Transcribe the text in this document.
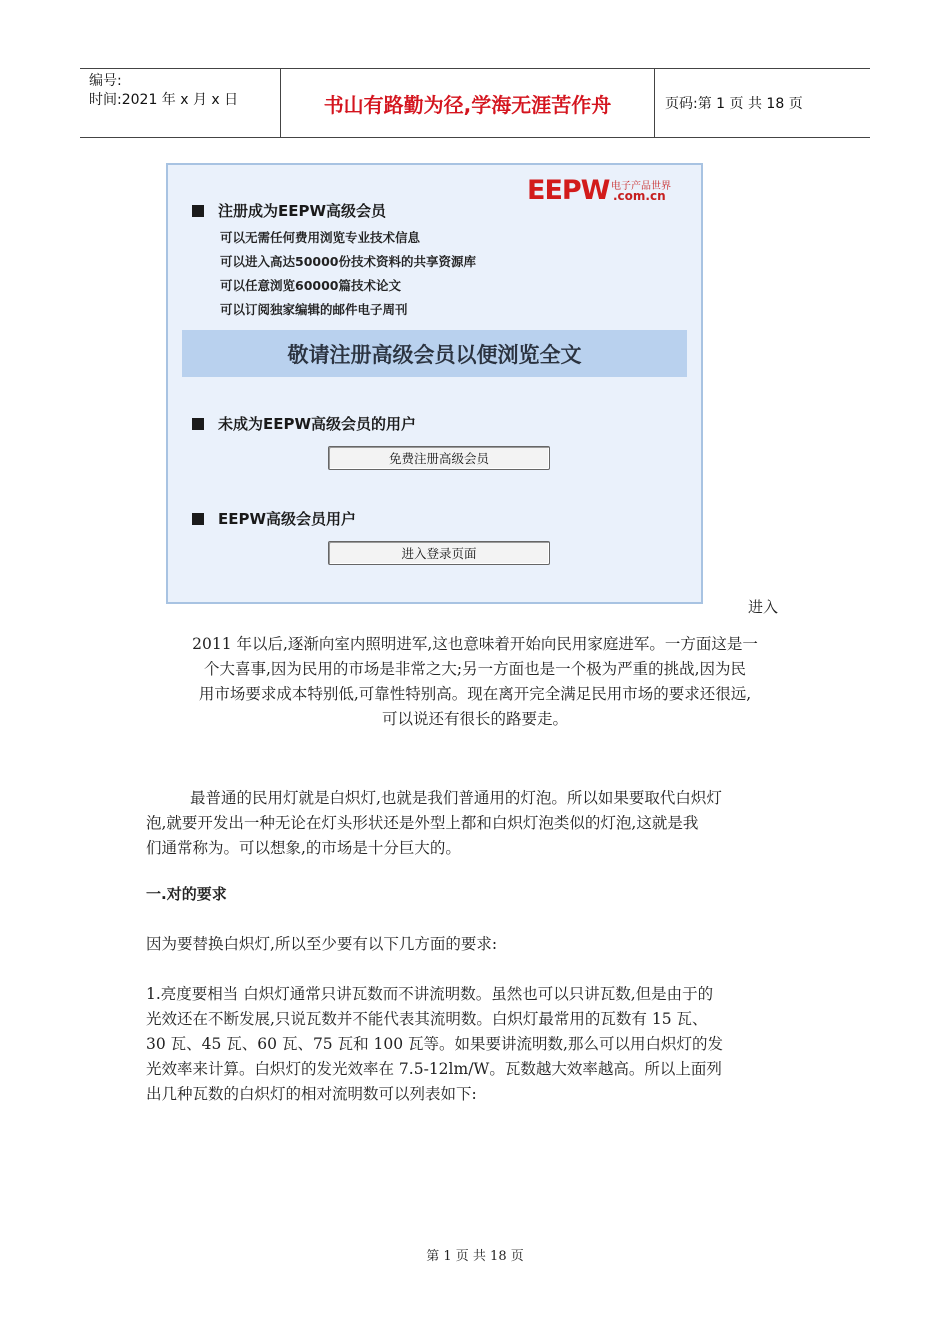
编号:
时间:2021 年 x 月 x 日	书山有路勤为径,学海无涯苦作舟	页码:第 1 页 共 18 页
EEPW 电子产品世界
.com.cn
注册成为EEPW高级会员
可以无需任何费用浏览专业技术信息
可以进入高达50000份技术资料的共享资源库
可以任意浏览60000篇技术论文
可以订阅独家编辑的邮件电子周刊
敬请注册高级会员以便浏览全文
未成为EEPW高级会员的用户
免费注册高级会员
EEPW高级会员用户
进入登录页面
进入
2011 年以后,逐渐向室内照明进军,这也意味着开始向民用家庭进军。一方面这是一
个大喜事,因为民用的市场是非常之大;另一方面也是一个极为严重的挑战,因为民
用市场要求成本特别低,可靠性特别高。现在离开完全满足民用市场的要求还很远,
可以说还有很长的路要走。
最普通的民用灯就是白炽灯,也就是我们普通用的灯泡。所以如果要取代白炽灯
泡,就要开发出一种无论在灯头形状还是外型上都和白炽灯泡类似的灯泡,这就是我
们通常称为。可以想象,的市场是十分巨大的。
一.对的要求
因为要替换白炽灯,所以至少要有以下几方面的要求:
1.亮度要相当 白炽灯通常只讲瓦数而不讲流明数。虽然也可以只讲瓦数,但是由于的
光效还在不断发展,只说瓦数并不能代表其流明数。白炽灯最常用的瓦数有 15 瓦、
30 瓦、45 瓦、60 瓦、75 瓦和 100 瓦等。如果要讲流明数,那么可以用白炽灯的发
光效率来计算。白炽灯的发光效率在 7.5-12lm/W。瓦数越大效率越高。所以上面列
出几种瓦数的白炽灯的相对流明数可以列表如下:
第 1 页 共 18 页
